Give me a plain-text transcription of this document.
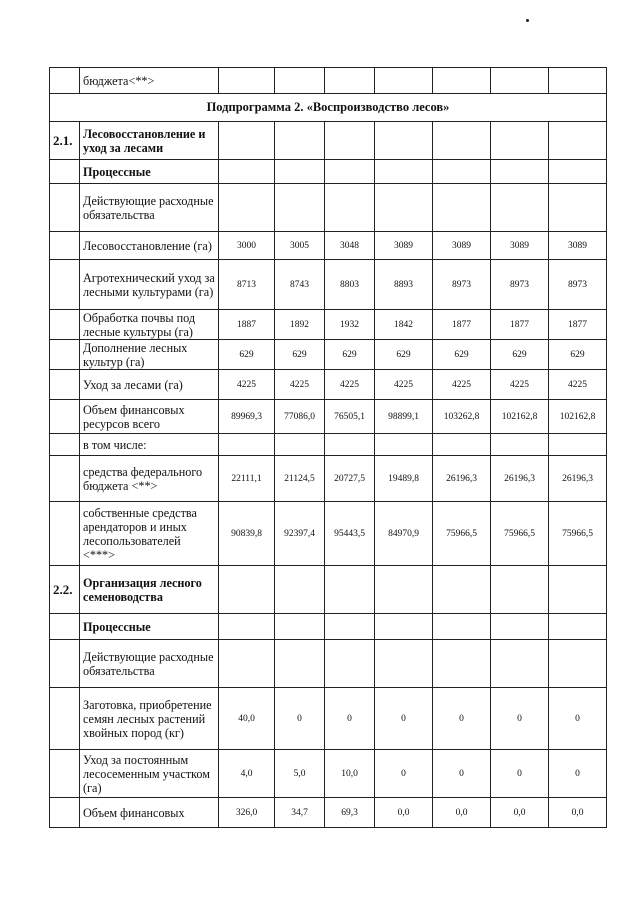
	бюджета<**>							
Подпрограмма 2. «Воспроизводство лесов»								
2.1.	Лесовосстановление и уход за лесами							
	Процессные							
	Действующие расходные обязательства							
	Лесовосстановление (га)	3000	3005	3048	3089	3089	3089	3089
	Агротехнический уход за лесными культурами (га)	8713	8743	8803	8893	8973	8973	8973
	Обработка почвы под лесные культуры (га)	1887	1892	1932	1842	1877	1877	1877
	Дополнение лесных культур (га)	629	629	629	629	629	629	629
	Уход за лесами (га)	4225	4225	4225	4225	4225	4225	4225
	Объем финансовых ресурсов всего	89969,3	77086,0	76505,1	98899,1	103262,8	102162,8	102162,8
	в том числе:							
	средства федерального бюджета <**>	22111,1	21124,5	20727,5	19489,8	26196,3	26196,3	26196,3
	собственные средства арендаторов и иных лесопользователей <***>	90839,8	92397,4	95443,5	84970,9	75966,5	75966,5	75966,5
2.2.	Организация лесного семеноводства							
	Процессные							
	Действующие расходные обязательства							
	Заготовка, приобретение семян лесных растений хвойных пород (кг)	40,0	0	0	0	0	0	0
	Уход за постоянным лесосеменным участком (га)	4,0	5,0	10,0	0	0	0	0
	Объем финансовых	326,0	34,7	69,3	0,0	0,0	0,0	0,0
